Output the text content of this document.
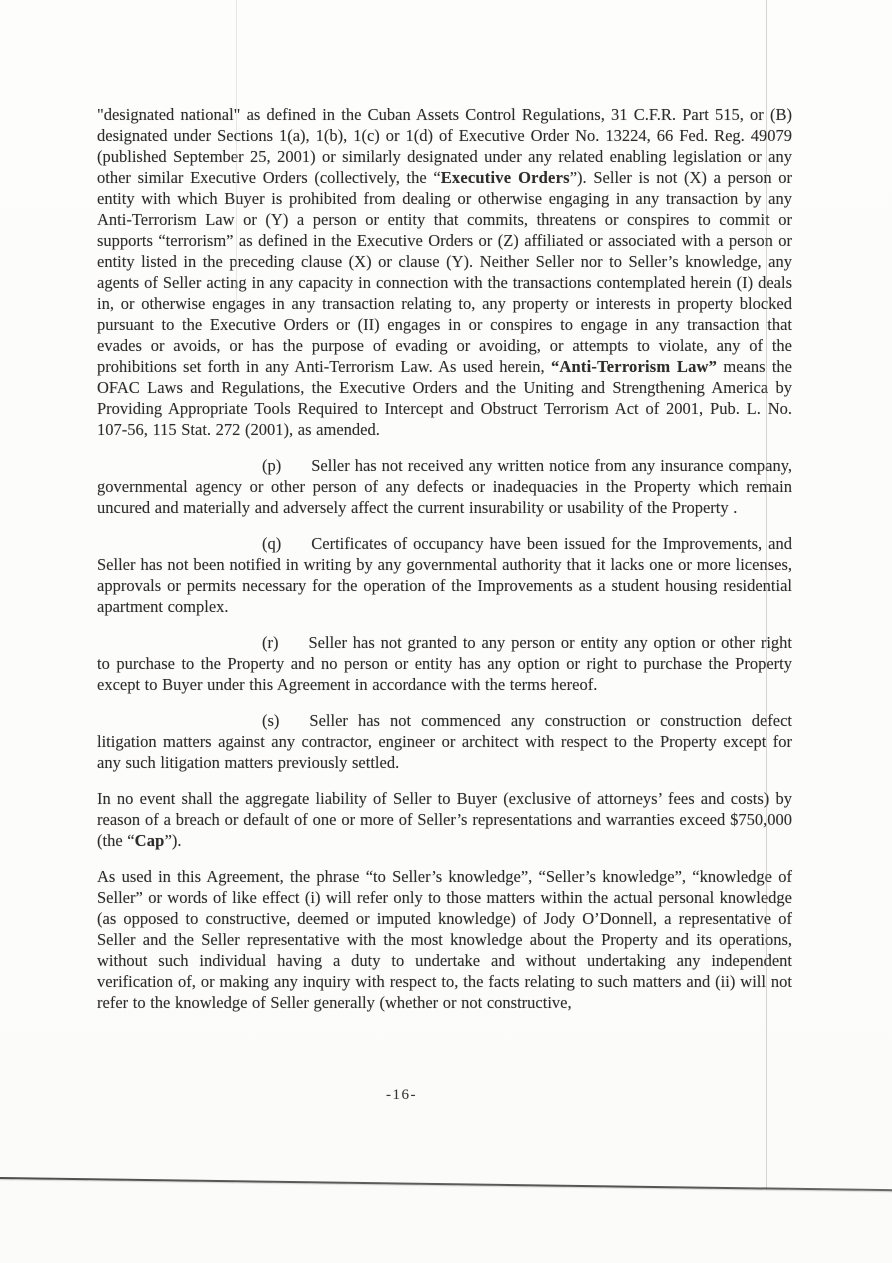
"designated national" as defined in the Cuban Assets Control Regulations, 31 C.F.R. Part 515, or (B) designated under Sections 1(a), 1(b), 1(c) or 1(d) of Executive Order No. 13224, 66 Fed. Reg. 49079 (published September 25, 2001) or similarly designated under any related enabling legislation or any other similar Executive Orders (collectively, the “Executive Orders”). Seller is not (X) a person or entity with which Buyer is prohibited from dealing or otherwise engaging in any transaction by any Anti-Terrorism Law or (Y) a person or entity that commits, threatens or conspires to commit or supports “terrorism” as defined in the Executive Orders or (Z) affiliated or associated with a person or entity listed in the preceding clause (X) or clause (Y). Neither Seller nor to Seller’s knowledge, any agents of Seller acting in any capacity in connection with the transactions contemplated herein (I) deals in, or otherwise engages in any transaction relating to, any property or interests in property blocked pursuant to the Executive Orders or (II) engages in or conspires to engage in any transaction that evades or avoids, or has the purpose of evading or avoiding, or attempts to violate, any of the prohibitions set forth in any Anti-Terrorism Law. As used herein, “Anti-Terrorism Law” means the OFAC Laws and Regulations, the Executive Orders and the Uniting and Strengthening America by Providing Appropriate Tools Required to Intercept and Obstruct Terrorism Act of 2001, Pub. L. No. 107-56, 115 Stat. 272 (2001), as amended.

(p) Seller has not received any written notice from any insurance company, governmental agency or other person of any defects or inadequacies in the Property which remain uncured and materially and adversely affect the current insurability or usability of the Property .

(q) Certificates of occupancy have been issued for the Improvements, and Seller has not been notified in writing by any governmental authority that it lacks one or more licenses, approvals or permits necessary for the operation of the Improvements as a student housing residential apartment complex.

(r) Seller has not granted to any person or entity any option or other right to purchase to the Property and no person or entity has any option or right to purchase the Property except to Buyer under this Agreement in accordance with the terms hereof.

(s) Seller has not commenced any construction or construction defect litigation matters against any contractor, engineer or architect with respect to the Property except for any such litigation matters previously settled.

In no event shall the aggregate liability of Seller to Buyer (exclusive of attorneys’ fees and costs) by reason of a breach or default of one or more of Seller’s representations and warranties exceed $750,000 (the “Cap”).

As used in this Agreement, the phrase “to Seller’s knowledge”, “Seller’s knowledge”, “knowledge of Seller” or words of like effect (i) will refer only to those matters within the actual personal knowledge (as opposed to constructive, deemed or imputed knowledge) of Jody O’Donnell, a representative of Seller and the Seller representative with the most knowledge about the Property and its operations, without such individual having a duty to undertake and without undertaking any independent verification of, or making any inquiry with respect to, the facts relating to such matters and (ii) will not refer to the knowledge of Seller generally (whether or not constructive,

-16-
